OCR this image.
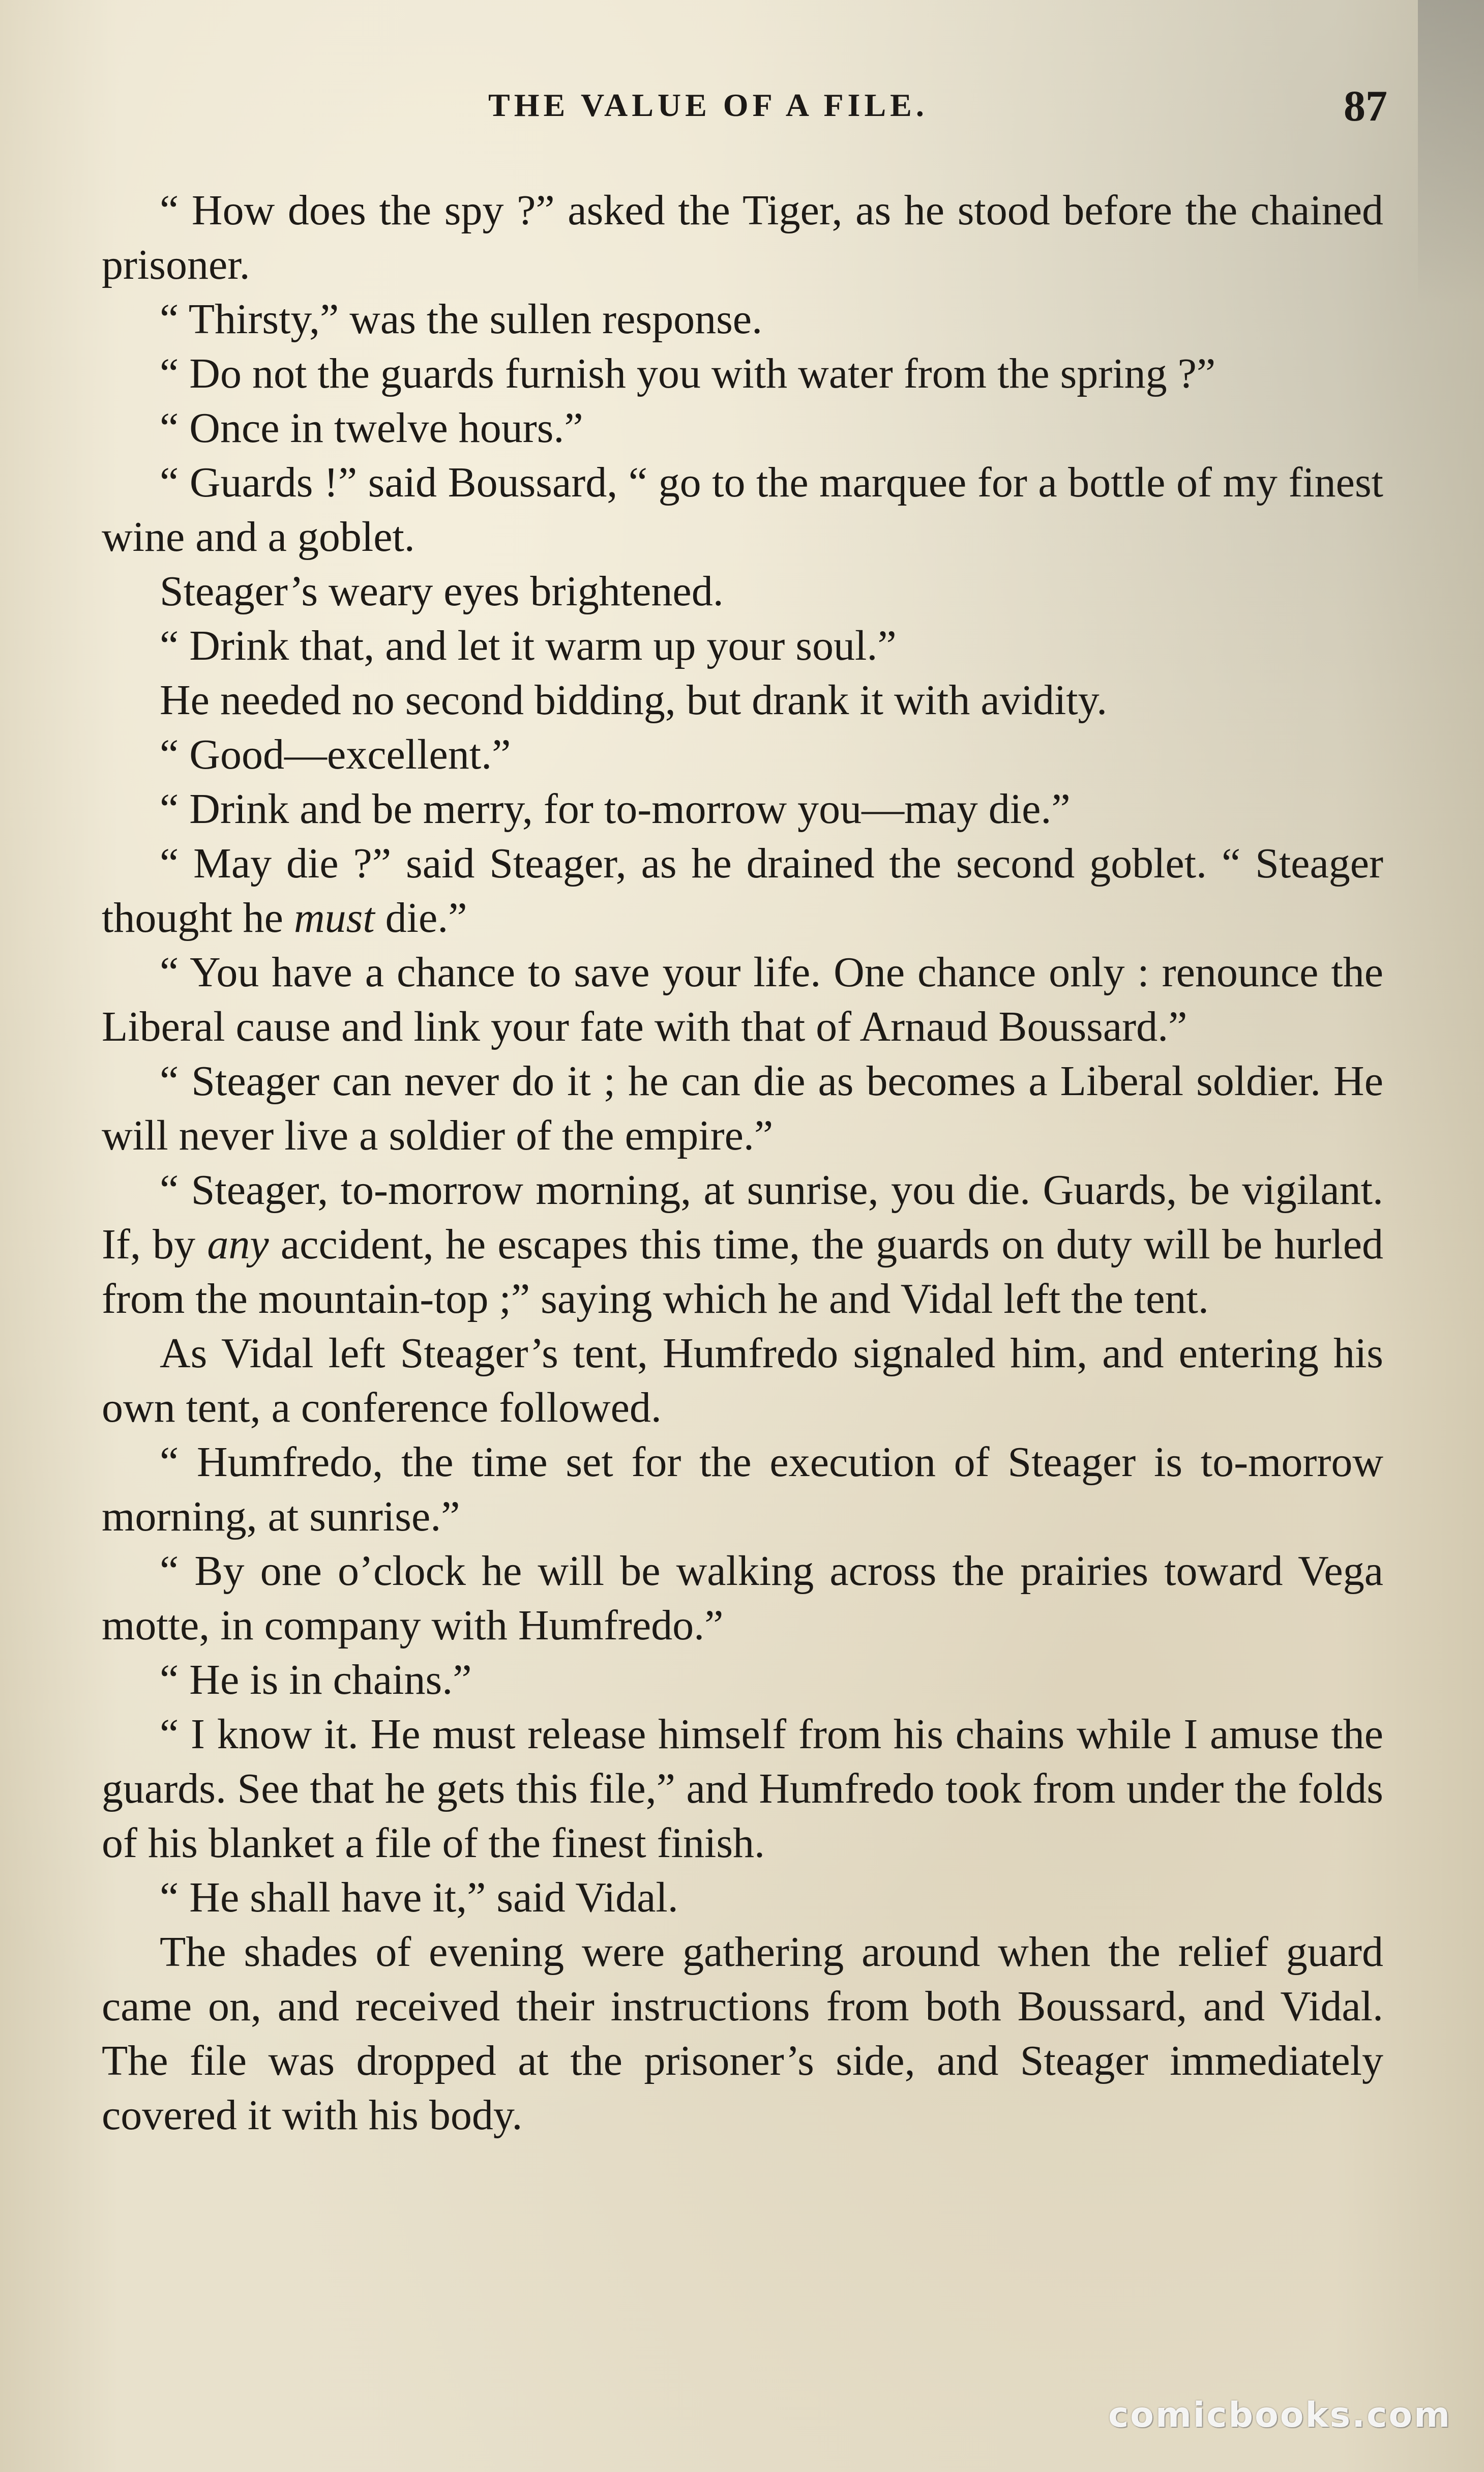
THE VALUE OF A FILE.	87

“ How does the spy ?” asked the Tiger, as he stood before the chained prisoner.

“ Thirsty,” was the sullen response.

“ Do not the guards furnish you with water from the spring ?”

“ Once in twelve hours.”

“ Guards !” said Boussard, “ go to the marquee for a bottle of my finest wine and a goblet.

Steager’s weary eyes brightened.

“ Drink that, and let it warm up your soul.”

He needed no second bidding, but drank it with avidity.

“ Good—excellent.”

“ Drink and be merry, for to-morrow you—may die.”

“ May die ?” said Steager, as he drained the second goblet. “ Steager thought he must die.”

“ You have a chance to save your life. One chance only : renounce the Liberal cause and link your fate with that of Arnaud Boussard.”

“ Steager can never do it ; he can die as becomes a Liberal soldier. He will never live a soldier of the empire.”

“ Steager, to-morrow morning, at sunrise, you die. Guards, be vigilant. If, by any accident, he escapes this time, the guards on duty will be hurled from the mountain-top ;” saying which he and Vidal left the tent.

As Vidal left Steager’s tent, Humfredo signaled him, and entering his own tent, a conference followed.

“ Humfredo, the time set for the execution of Steager is to-morrow morning, at sunrise.”

“ By one o’clock he will be walking across the prairies toward Vega motte, in company with Humfredo.”

“ He is in chains.”

“ I know it. He must release himself from his chains while I amuse the guards. See that he gets this file,” and Humfredo took from under the folds of his blanket a file of the finest finish.

“ He shall have it,” said Vidal.

The shades of evening were gathering around when the relief guard came on, and received their instructions from both Boussard, and Vidal. The file was dropped at the prisoner’s side, and Steager immediately covered it with his body.

comicbooks.com
